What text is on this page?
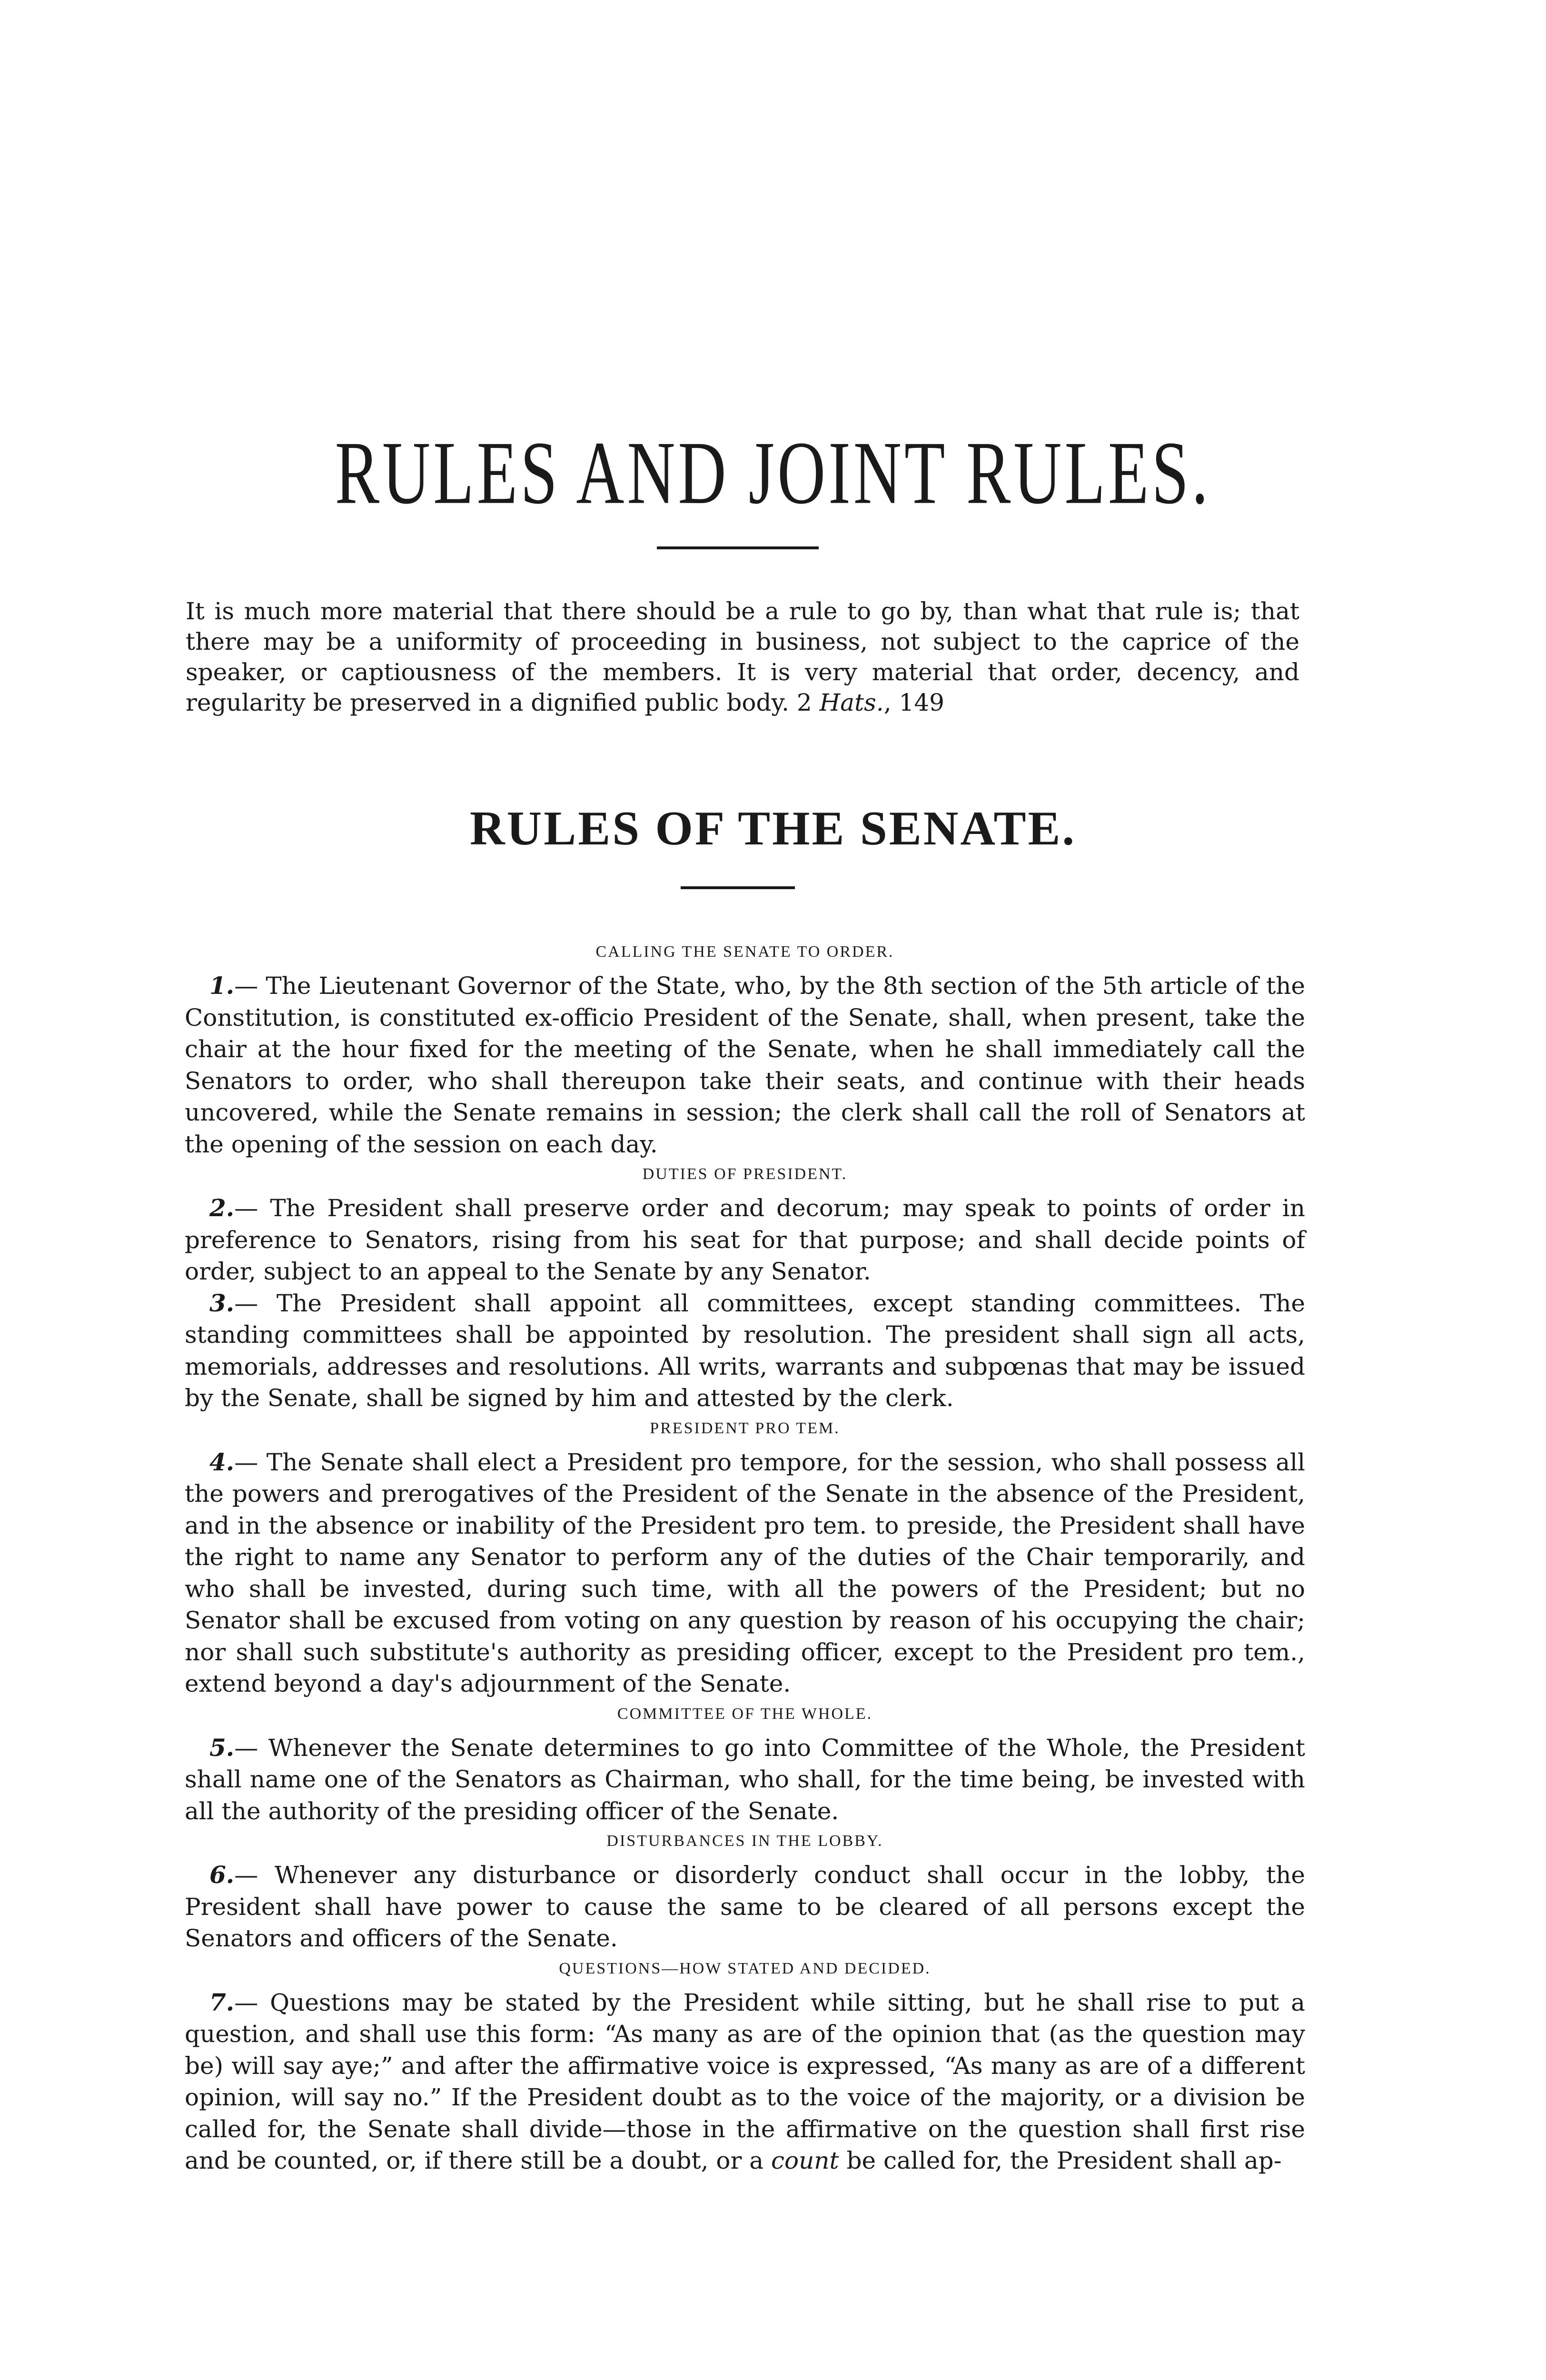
RULES AND JOINT RULES.

It is much more material that there should be a rule to go by, than what that rule is; that there may be a uniformity of proceeding in business, not subject to the caprice of the speaker, or captiousness of the members. It is very material that order, decency, and regularity be preserved in a dignified public body. 2 Hats., 149

RULES OF THE SENATE.
CALLING THE SENATE TO ORDER.

1.— The Lieutenant Governor of the State, who, by the 8th section of the 5th article of the Constitution, is constituted ex-officio President of the Senate, shall, when present, take the chair at the hour fixed for the meeting of the Senate, when he shall immediately call the Senators to order, who shall thereupon take their seats, and continue with their heads uncovered, while the Senate remains in session; the clerk shall call the roll of Senators at the opening of the session on each day.

DUTIES OF PRESIDENT.

2.— The President shall preserve order and decorum; may speak to points of order in preference to Senators, rising from his seat for that purpose; and shall decide points of order, subject to an appeal to the Senate by any Senator.

3.— The President shall appoint all committees, except standing committees. The standing committees shall be appointed by resolution. The president shall sign all acts, memorials, addresses and resolutions. All writs, warrants and subpœnas that may be issued by the Senate, shall be signed by him and attested by the clerk.

PRESIDENT PRO TEM.

4.— The Senate shall elect a President pro tempore, for the session, who shall possess all the powers and prerogatives of the President of the Senate in the absence of the President, and in the absence or inability of the President pro tem. to preside, the President shall have the right to name any Senator to perform any of the duties of the Chair temporarily, and who shall be invested, during such time, with all the powers of the President; but no Senator shall be excused from voting on any question by reason of his occupying the chair; nor shall such substitute's authority as presiding officer, except to the President pro tem., extend beyond a day's adjournment of the Senate.

COMMITTEE OF THE WHOLE.

5.— Whenever the Senate determines to go into Committee of the Whole, the President shall name one of the Senators as Chairman, who shall, for the time being, be invested with all the authority of the presiding officer of the Senate.

DISTURBANCES IN THE LOBBY.

6.— Whenever any disturbance or disorderly conduct shall occur in the lobby, the President shall have power to cause the same to be cleared of all persons except the Senators and officers of the Senate.

QUESTIONS—HOW STATED AND DECIDED.

7.— Questions may be stated by the President while sitting, but he shall rise to put a question, and shall use this form: “As many as are of the opinion that (as the question may be) will say aye;” and after the affirmative voice is expressed, “As many as are of a different opinion, will say no.” If the President doubt as to the voice of the majority, or a division be called for, the Senate shall divide—those in the affirmative on the question shall first rise and be counted, or, if there still be a doubt, or a count be called for, the President shall ap-
